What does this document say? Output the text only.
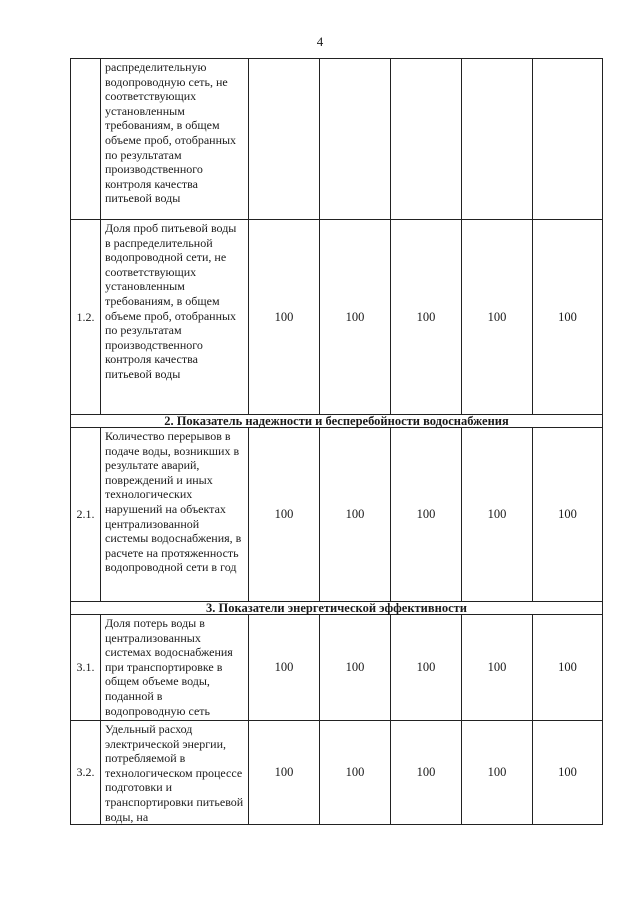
4
	распределительную водопроводную сеть, не соответствующих установленным требованиям, в общем объеме проб, отобранных по результатам производственного контроля качества питьевой воды					
1.2.	Доля проб питьевой воды в распределительной водопроводной сети, не соответствующих установленным требованиям, в общем объеме проб, отобранных по результатам производственного контроля качества питьевой воды	100	100	100	100	100
2. Показатель надежности и бесперебойности водоснабжения						
2.1.	Количество перерывов в подаче воды, возникших в результате аварий, повреждений и иных технологических нарушений на объектах централизованной системы водоснабжения, в расчете на протяженность водопроводной сети в год	100	100	100	100	100
3. Показатели энергетической эффективности						
3.1.	Доля потерь воды в централизованных системах водоснабжения при транспортировке в общем объеме воды, поданной в водопроводную сеть	100	100	100	100	100
3.2.	Удельный расход электрической энергии, потребляемой в технологическом процессе подготовки и транспортировки питьевой воды, на	100	100	100	100	100
